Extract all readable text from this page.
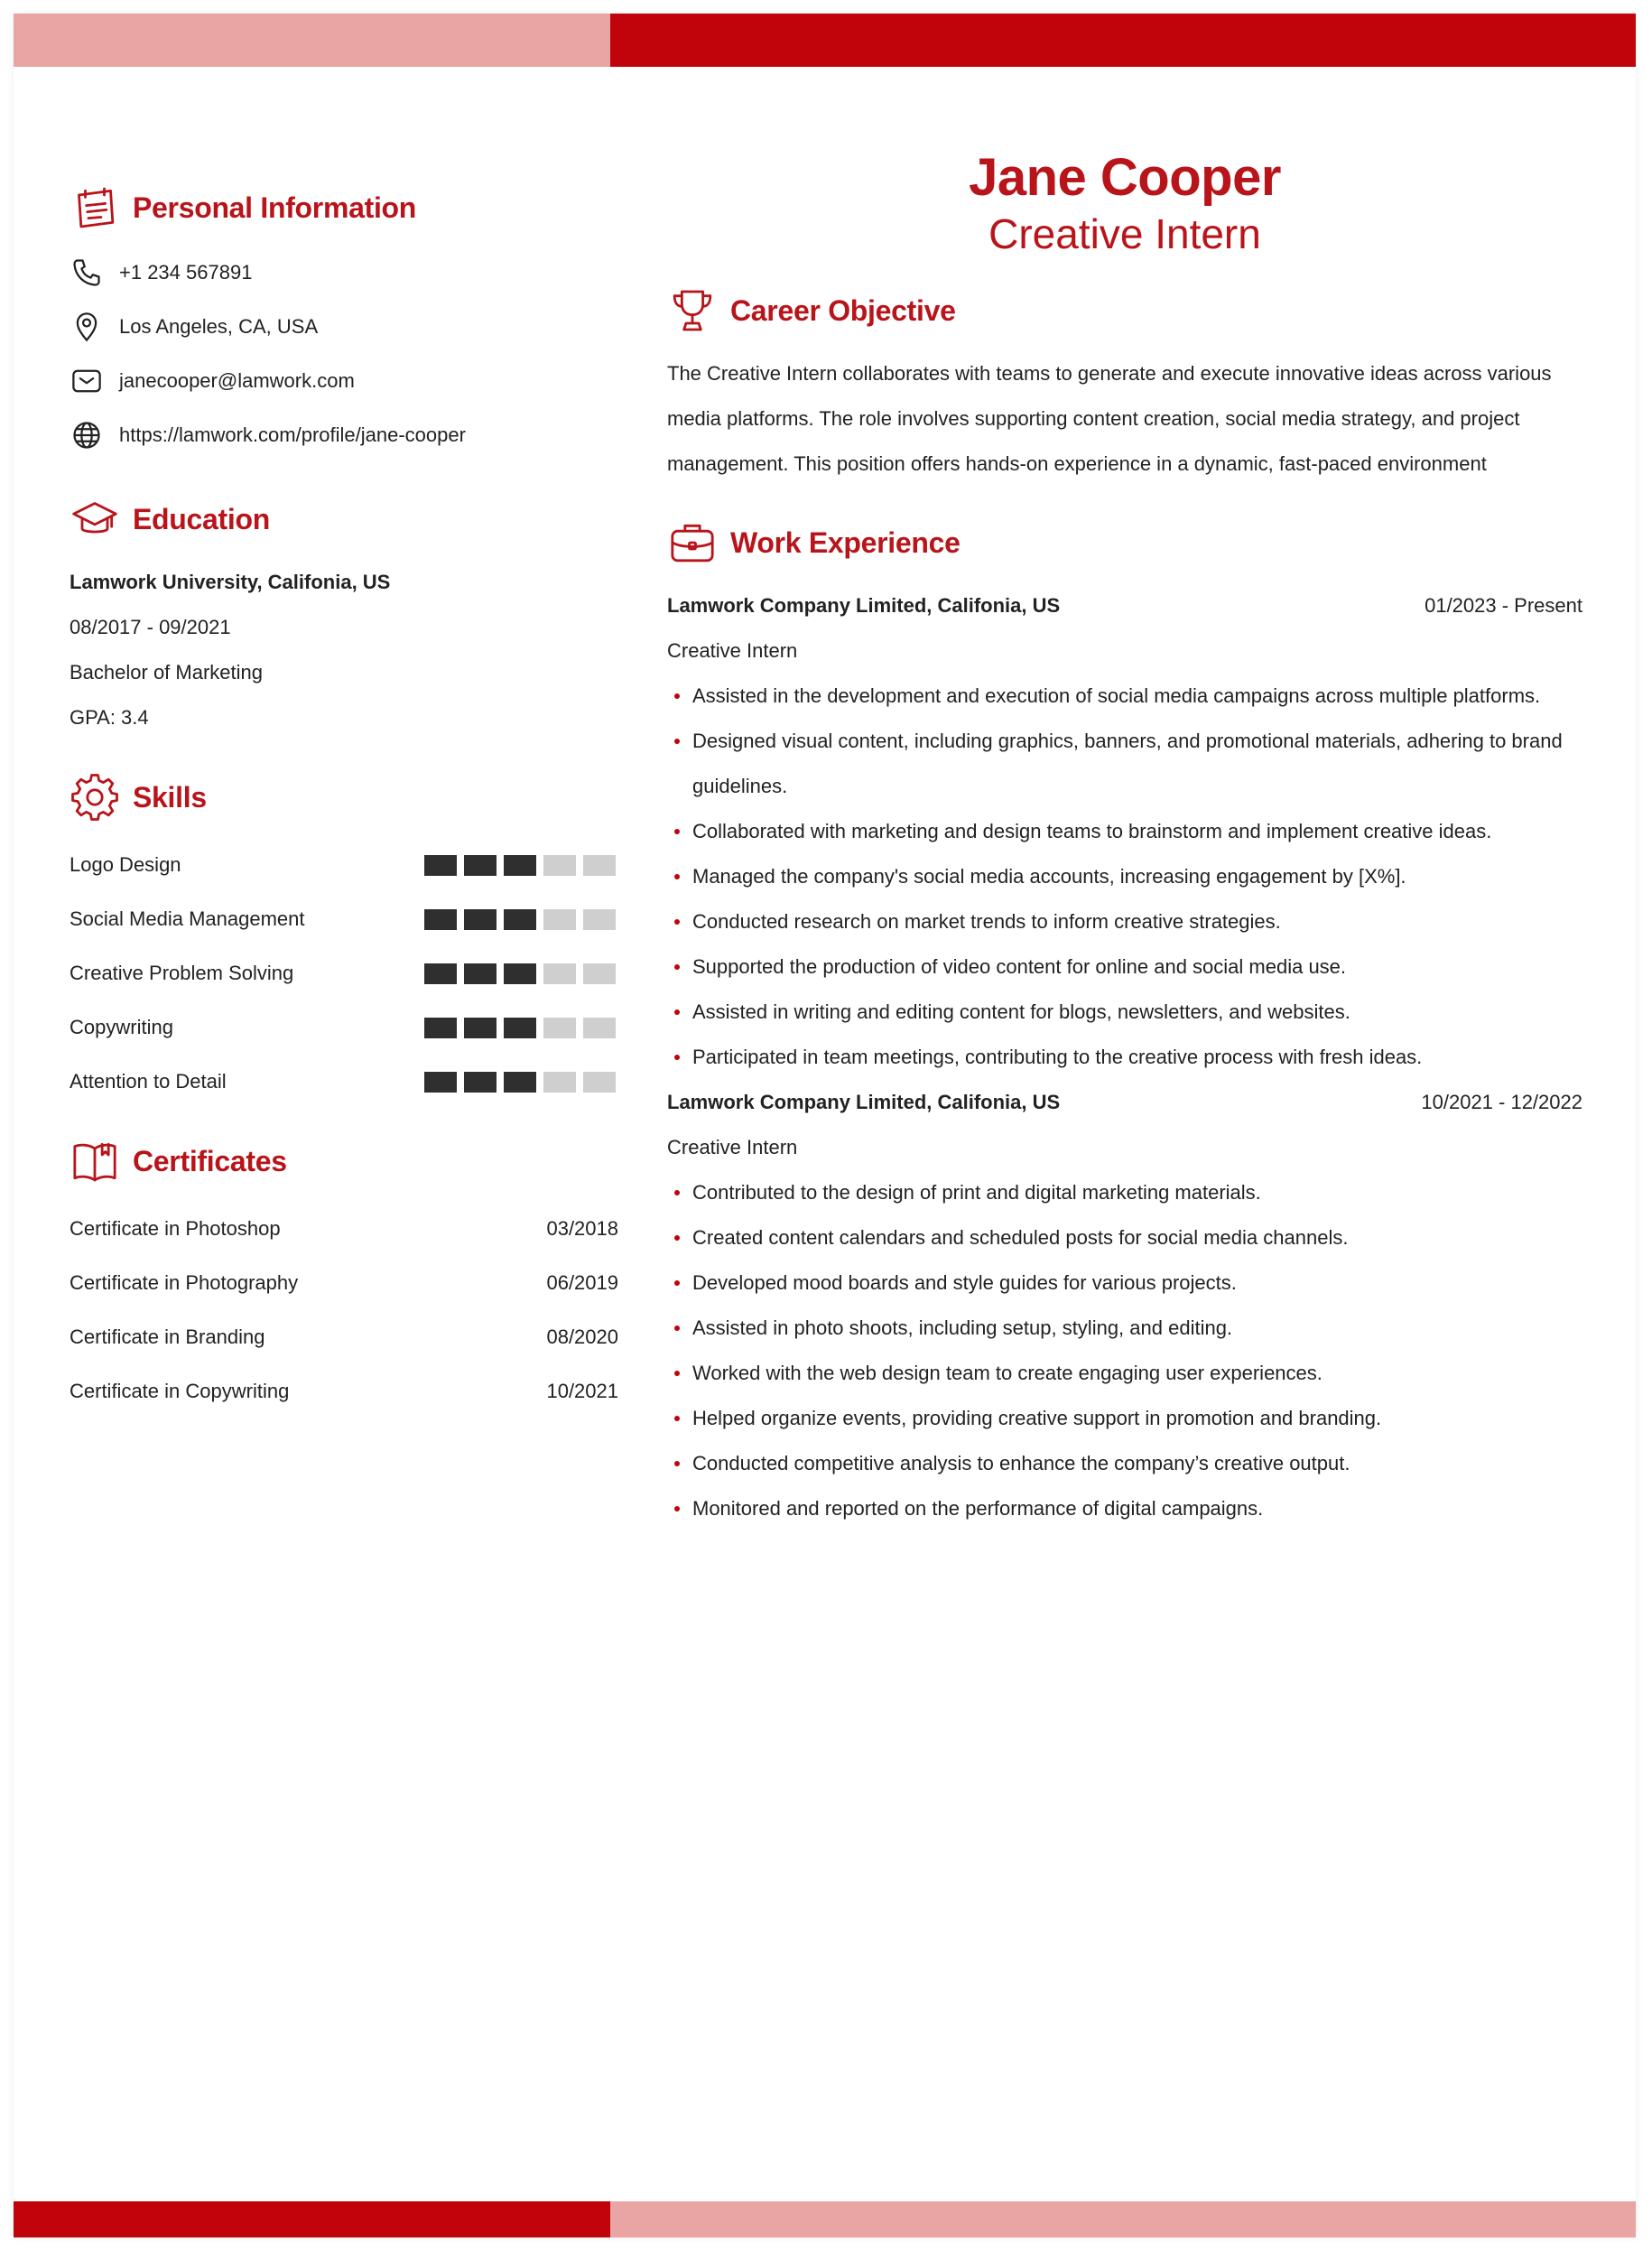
Personal Information
+1 234 567891
Los Angeles, CA, USA
janecooper@lamwork.com
https://lamwork.com/profile/jane-cooper
Education
Lamwork University, Califonia, US
08/2017 - 09/2021
Bachelor of Marketing
GPA: 3.4
Skills
Logo Design
Social Media Management
Creative Problem Solving
Copywriting
Attention to Detail
Certificates
Certificate in Photoshop	03/2018
Certificate in Photography	06/2019
Certificate in Branding	08/2020
Certificate in Copywriting	10/2021
Jane Cooper
Creative Intern
Career Objective
The Creative Intern collaborates with teams to generate and execute innovative ideas across various
media platforms. The role involves supporting content creation, social media strategy, and project
management. This position offers hands-on experience in a dynamic, fast-paced environment
Work Experience
Lamwork Company Limited, Califonia, US	01/2023 - Present
Creative Intern
Assisted in the development and execution of social media campaigns across multiple platforms.
Designed visual content, including graphics, banners, and promotional materials, adhering to brand guidelines.
Collaborated with marketing and design teams to brainstorm and implement creative ideas.
Managed the company's social media accounts, increasing engagement by [X%].
Conducted research on market trends to inform creative strategies.
Supported the production of video content for online and social media use.
Assisted in writing and editing content for blogs, newsletters, and websites.
Participated in team meetings, contributing to the creative process with fresh ideas.
Lamwork Company Limited, Califonia, US	10/2021 - 12/2022
Creative Intern
Contributed to the design of print and digital marketing materials.
Created content calendars and scheduled posts for social media channels.
Developed mood boards and style guides for various projects.
Assisted in photo shoots, including setup, styling, and editing.
Worked with the web design team to create engaging user experiences.
Helped organize events, providing creative support in promotion and branding.
Conducted competitive analysis to enhance the company’s creative output.
Monitored and reported on the performance of digital campaigns.
